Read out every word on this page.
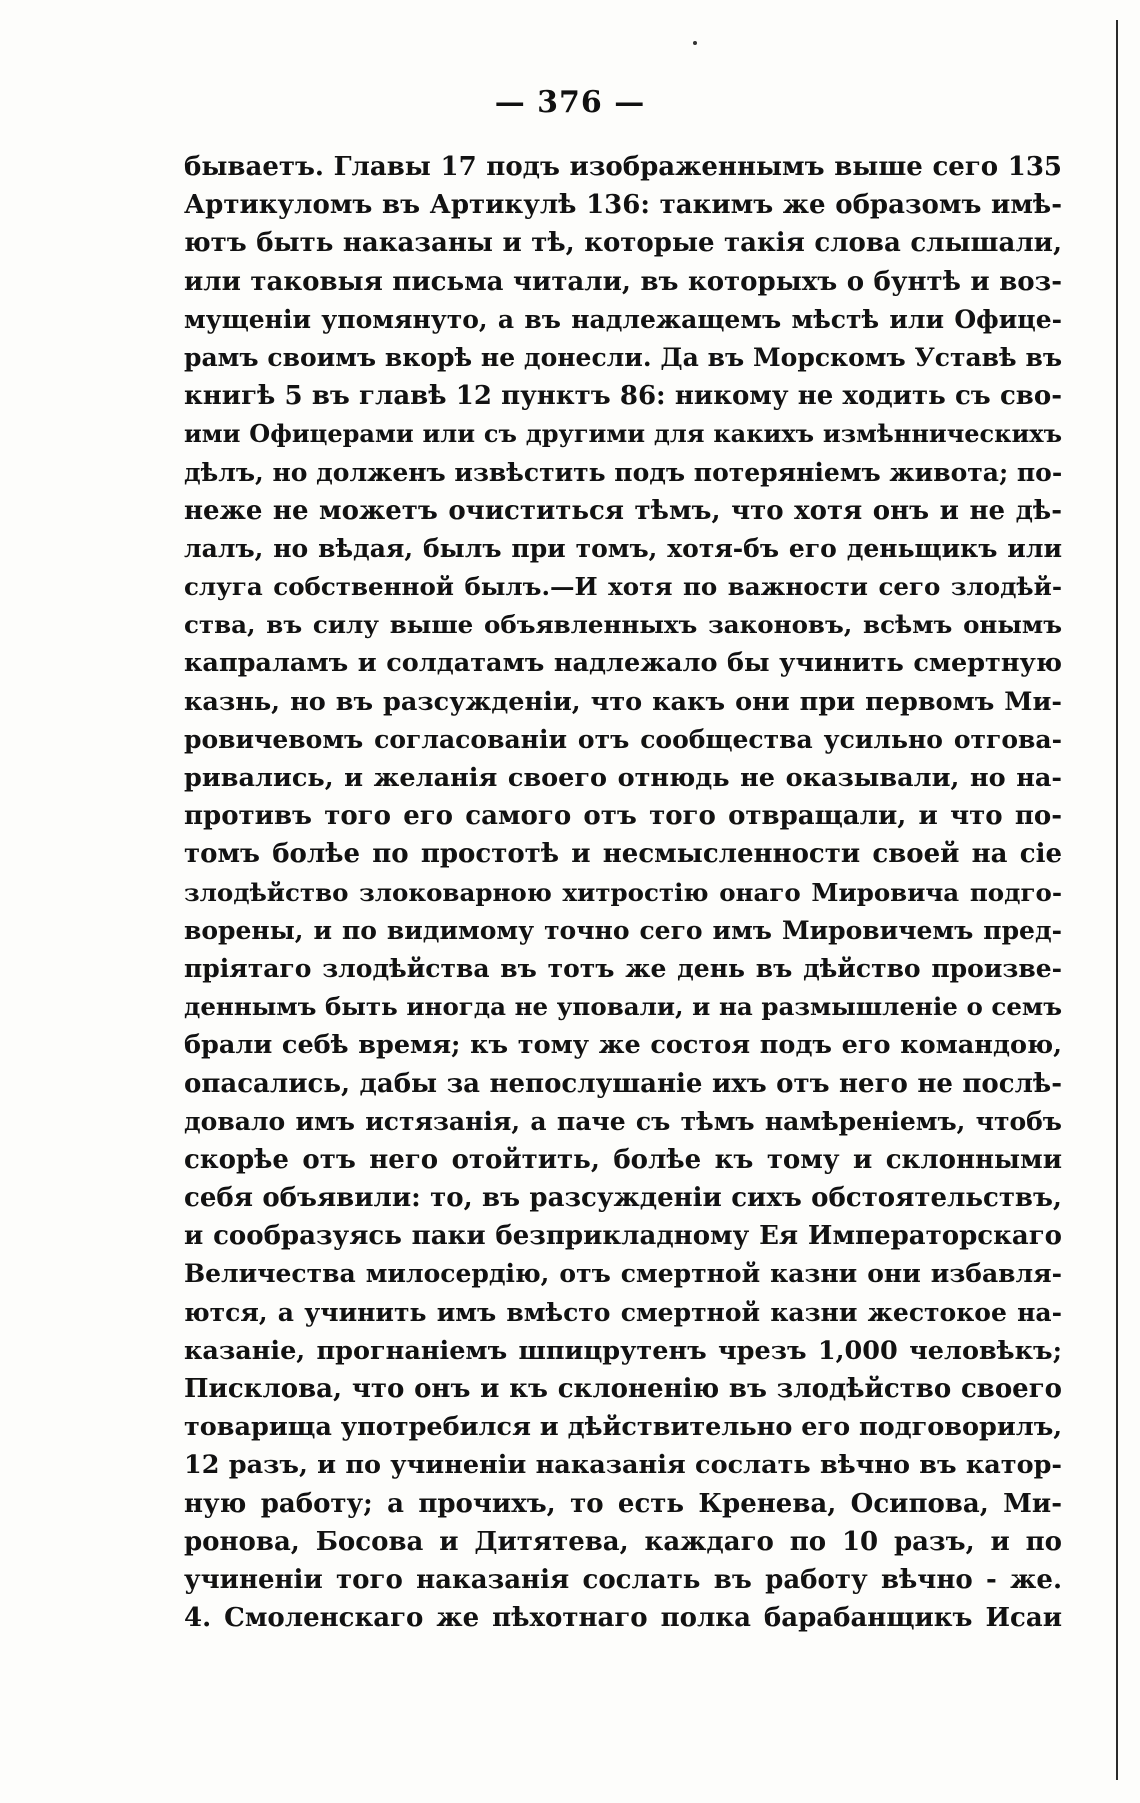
— 376 —
бываетъ. Главы 17 подъ изображеннымъ выше сего 135
Артикуломъ въ Артикулѣ 136: такимъ же образомъ имѣ-
ютъ быть наказаны и тѣ, которые такія слова слышали,
или таковыя письма читали, въ которыхъ о бунтѣ и воз-
мущеніи упомянуто, а въ надлежащемъ мѣстѣ или Офице-
рамъ своимъ вкорѣ не донесли. Да въ Морскомъ Уставѣ въ
книгѣ 5 въ главѣ 12 пунктъ 86: никому не ходить съ сво-
ими Офицерами или съ другими для какихъ измѣнническихъ
дѣлъ, но долженъ извѣстить подъ потеряніемъ живота; по-
неже не можетъ очиститься тѣмъ, что хотя онъ и не дѣ-
лалъ, но вѣдая, былъ при томъ, хотя-бъ его деньщикъ или
слуга собственной былъ.—И хотя по важности сего злодѣй-
ства, въ силу выше объявленныхъ законовъ, всѣмъ онымъ
капраламъ и солдатамъ надлежало бы учинить смертную
казнь, но въ разсужденіи, что какъ они при первомъ Ми-
ровичевомъ согласованіи отъ сообщества усильно отгова-
ривались, и желанія своего отнюдь не оказывали, но на-
противъ того его самого отъ того отвращали, и что по-
томъ болѣе по простотѣ и несмысленности своей на сіе
злодѣйство злоковарною хитростію онаго Мировича подго-
ворены, и по видимому точно сего имъ Мировичемъ пред-
пріятаго злодѣйства въ тотъ же день въ дѣйство произве-
деннымъ быть иногда не уповали, и на размышленіе о семъ
брали себѣ время; къ тому же состоя подъ его командою,
опасались, дабы за непослушаніе ихъ отъ него не послѣ-
довало имъ истязанія, а паче съ тѣмъ намѣреніемъ, чтобъ
скорѣе отъ него отойтить, болѣе къ тому и склонными
себя объявили: то, въ разсужденіи сихъ обстоятельствъ,
и сообразуясь паки безприкладному Ея Императорскаго
Величества милосердію, отъ смертной казни они избавля-
ются, а учинить имъ вмѣсто смертной казни жестокое на-
казаніе, прогнаніемъ шпицрутенъ чрезъ 1,000 человѣкъ;
Писклова, что онъ и къ склоненію въ злодѣйство своего
товарища употребился и дѣйствительно его подговорилъ,
12 разъ, и по учиненіи наказанія сослать вѣчно въ катор-
ную работу; а прочихъ, то есть Кренева, Осипова, Ми-
ронова, Босова и Дитятева, каждаго по 10 разъ, и по
учиненіи того наказанія сослать въ работу вѣчно - же.
4. Смоленскаго же пѣхотнаго полка барабанщикъ Исаи
